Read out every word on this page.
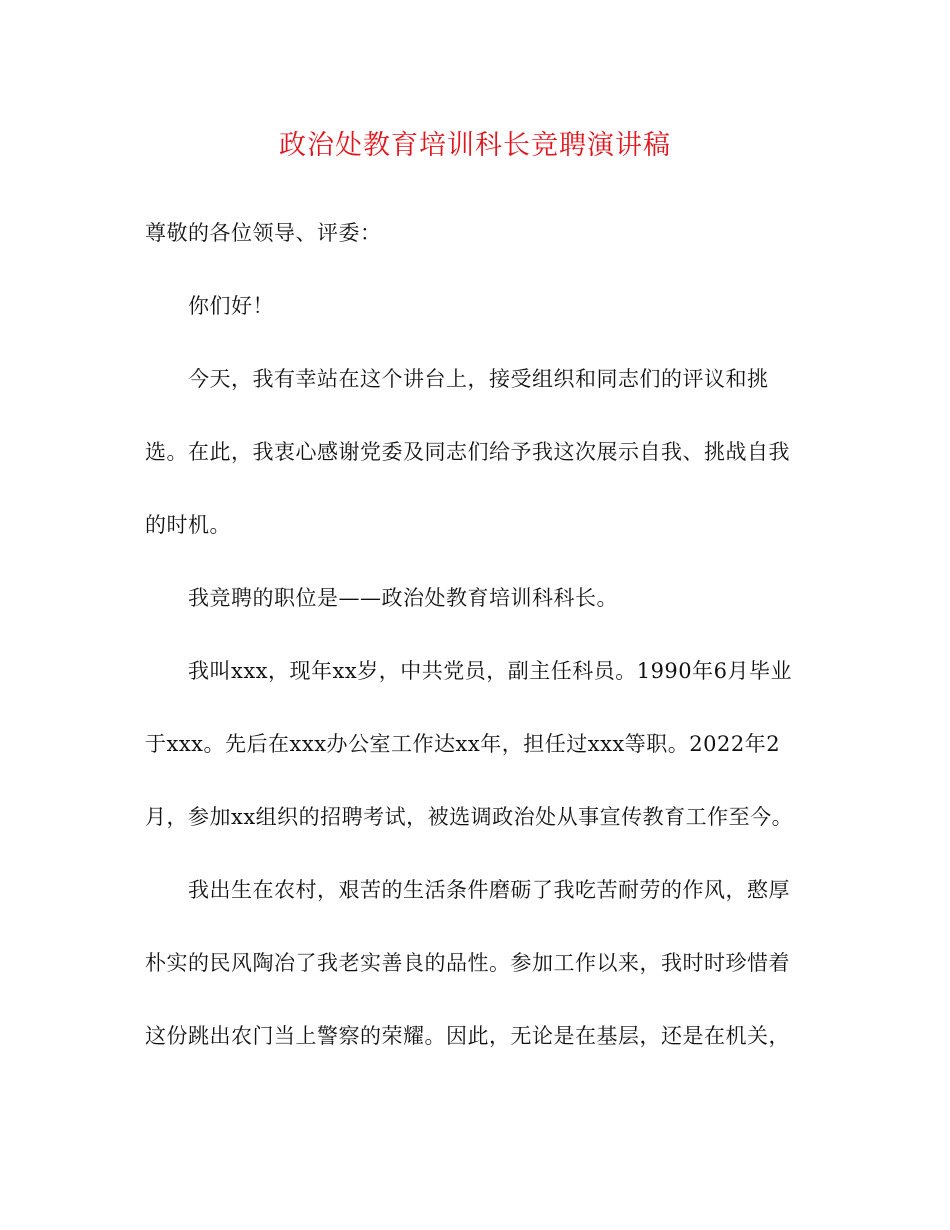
政治处教育培训科长竞聘演讲稿
尊敬的各位领导、评委：
你们好！
今天，我有幸站在这个讲台上，接受组织和同志们的评议和挑
选。在此，我衷心感谢党委及同志们给予我这次展示自我、挑战自我
的时机。
我竞聘的职位是——政治处教育培训科科长。
我叫xxx，现年xx岁，中共党员，副主任科员。1990年6月毕业
于xxx。先后在xxx办公室工作达xx年，担任过xxx等职。2022年2
月，参加xx组织的招聘考试，被选调政治处从事宣传教育工作至今。
我出生在农村，艰苦的生活条件磨砺了我吃苦耐劳的作风，憨厚
朴实的民风陶冶了我老实善良的品性。参加工作以来，我时时珍惜着
这份跳出农门当上警察的荣耀。因此，无论是在基层，还是在机关，
